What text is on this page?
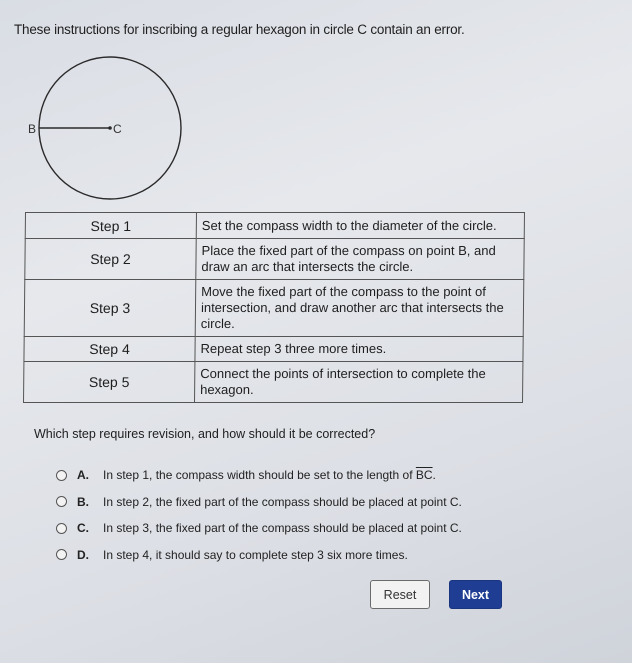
These instructions for inscribing a regular hexagon in circle C contain an error.
B	C
Step 1	Set the compass width to the diameter of the circle.
Step 2	Place the fixed part of the compass on point B, and draw an arc that intersects the circle.
Step 3	Move the fixed part of the compass to the point of intersection, and draw another arc that intersects the circle.
Step 4	Repeat step 3 three more times.
Step 5	Connect the points of intersection to complete the hexagon.
Which step requires revision, and how should it be corrected?
A.	In step 1, the compass width should be set to the length of $\overline{BC}$.
B.	In step 2, the fixed part of the compass should be placed at point C.
C.	In step 3, the fixed part of the compass should be placed at point C.
D.	In step 4, it should say to complete step 3 six more times.
Reset	Next
